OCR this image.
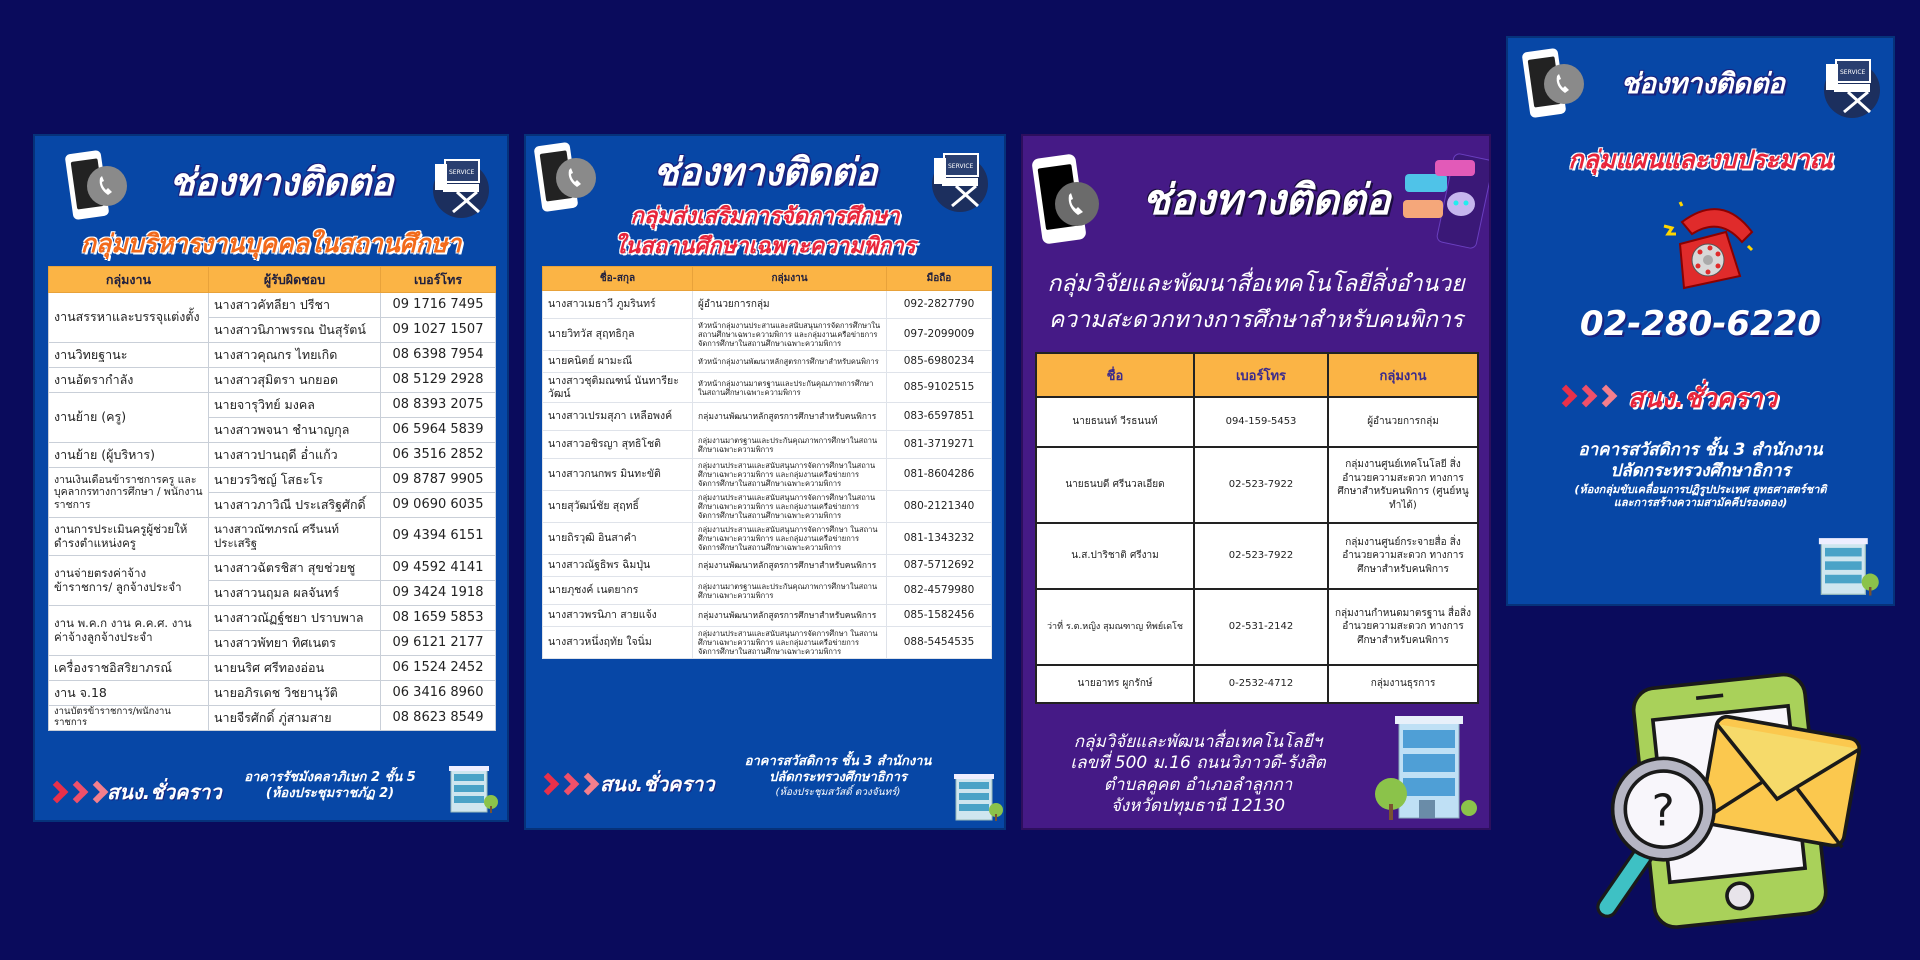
ช่องทางติดต่อ	SERVICE
กลุ่มบริหารงานบุคคลในสถานศึกษา
กลุ่มงาน	ผู้รับผิดชอบ	เบอร์โทร
งานสรรหาและบรรจุแต่งตั้ง	นางสาวคัทลียา ปรีชา	09 1716 7495
	นางสาวนิภาพรรณ ปันสุรัตน์	09 1027 1507
งานวิทยฐานะ	นางสาวคุณกร ไทยเกิด	08 6398 7954
งานอัตรากำลัง	นางสาวสุมิตรา นกยอด	08 5129 2928
งานย้าย (ครู)	นายจารุวิทย์ มงคล	08 8393 2075
	นางสาวพจนา ชำนาญกุล	06 5964 5839
งานย้าย (ผู้บริหาร)	นางสาวปานฤดี อ่ำแก้ว	06 3516 2852
งานเงินเดือนข้าราชการครู และบุคลากรทางการศึกษา / พนักงานราชการ	นายวรวิชญ์ โสธะโร	09 8787 9905
	นางสาวภาวิณี ประเสริฐศักดิ์	09 0690 6035
งานการประเมินครูผู้ช่วยให้ดำรงตำแหน่งครู	นางสาวณัฑภรณ์ ศรีนนท์ประเสริฐ	09 4394 6151
งานจ่ายตรงค่าจ้างข้าราชการ/ ลูกจ้างประจำ	นางสาวฉัตรชิสา สุขช่วยชู	09 4592 4141
	นางสาวนฤมล ผลจันทร์	09 3424 1918
งาน พ.ค.ก งาน ค.ค.ศ. งานค่าจ้างลูกจ้างประจำ	นางสาวณัฏฐ์ชยา ปราบพาล	08 1659 5853
	นางสาวพัทยา ทิศเนตร	09 6121 2177
เครื่องราชอิสริยาภรณ์	นายนริศ ศรีทองอ่อน	06 1524 2452
งาน จ.18	นายอภิรเดช วิชยานุวัติ	06 3416 8960
งานบัตรข้าราชการ/พนักงานราชการ	นายจีรศักดิ์ ภู่สามสาย	08 8623 8549
สนง.ชั่วคราว
อาคารรัชมังคลาภิเษก 2 ชั้น 5
(ห้องประชุมราชภัฏ 2)
ช่องทางติดต่อ	SERVICE
กลุ่มส่งเสริมการจัดการศึกษา
ในสถานศึกษาเฉพาะความพิการ
ชื่อ-สกุล	กลุ่มงาน	มือถือ
นางสาวเมธาวี ภูมรินทร์	ผู้อำนวยการกลุ่ม	092-2827790
นายวิทวัส สุฤทธิกุล	หัวหน้ากลุ่มงานประสานและสนับสนุนการจัดการศึกษาในสถานศึกษาเฉพาะความพิการ และกลุ่มงานเครือข่ายการจัดการศึกษาในสถานศึกษาเฉพาะความพิการ	097-2099009
นายคนิตย์ ผามะณี	หัวหน้ากลุ่มงานพัฒนาหลักสูตรการศึกษาสำหรับคนพิการ	085-6980234
นางสาวชุติมณฑน์ นันทารียะวัฒน์	หัวหน้ากลุ่มงานมาตรฐานและประกันคุณภาพการศึกษาในสถานศึกษาเฉพาะความพิการ	085-9102515
นางสาวเปรมสุภา เหลือพงค์	กลุ่มงานพัฒนาหลักสูตรการศึกษาสำหรับคนพิการ	083-6597851
นางสาวอชิรญา สุทธิโชติ	กลุ่มงานมาตรฐานและประกันคุณภาพการศึกษาในสถานศึกษาเฉพาะความพิการ	081-3719271
นางสาวกนกพร มินทะขัติ	กลุ่มงานประสานและสนับสนุนการจัดการศึกษาในสถานศึกษาเฉพาะความพิการ และกลุ่มงานเครือข่ายการจัดการศึกษาในสถานศึกษาเฉพาะความพิการ	081-8604286
นายสุวัฒน์ชัย สุฤทธิ์	กลุ่มงานประสานและสนับสนุนการจัดการศึกษาในสถานศึกษาเฉพาะความพิการ และกลุ่มงานเครือข่ายการจัดการศึกษาในสถานศึกษาเฉพาะความพิการ	080-2121340
นายถิรวุฒิ อินสาคำ	กลุ่มงานประสานและสนับสนุนการจัดการศึกษา ในสถานศึกษาเฉพาะความพิการ และกลุ่มงานเครือข่ายการจัดการศึกษาในสถานศึกษาเฉพาะความพิการ	081-1343232
นางสาวณัฐธิพร ฉิมปุ่น	กลุ่มงานพัฒนาหลักสูตรการศึกษาสำหรับคนพิการ	087-5712692
นายภุชงค์ เนตยากร	กลุ่มงานมาตรฐานและประกันคุณภาพการศึกษาในสถานศึกษาเฉพาะความพิการ	082-4579980
นางสาวพรนิภา สายแจ้ง	กลุ่มงานพัฒนาหลักสูตรการศึกษาสำหรับคนพิการ	085-1582456
นางสาวหนึ่งฤทัย ใจนิ่ม	กลุ่มงานประสานและสนับสนุนการจัดการศึกษา ในสถานศึกษาเฉพาะความพิการ และกลุ่มงานเครือข่ายการจัดการศึกษาในสถานศึกษาเฉพาะความพิการ	088-5454535
สนง.ชั่วคราว
อาคารสวัสดิการ ชั้น 3 สำนักงาน
ปลัดกระทรวงศึกษาธิการ
(ห้องประชุมสวัสดิ์ ดวงจันทร์)
ช่องทางติดต่อ
กลุ่มวิจัยและพัฒนาสื่อเทคโนโลยีสิ่งอำนวย
ความสะดวกทางการศึกษาสำหรับคนพิการ
ชื่อ	เบอร์โทร	กลุ่มงาน
นายธนนท์ วีรธนนท์	094-159-5453	ผู้อำนวยการกลุ่ม
นายธนบดี ศรีนวลเอียด	02-523-7922	กลุ่มงานศูนย์เทคโนโลยี สิ่งอำนวยความสะดวก ทางการศึกษาสำหรับคนพิการ (ศูนย์หนูทำได้)
น.ส.ปาริชาติ ศรีงาม	02-523-7922	กลุ่มงานศูนย์กระจายสื่อ สิ่งอำนวยความสะดวก ทางการศึกษาสำหรับคนพิการ
ว่าที่ ร.ต.หญิง สุมณฑาญ ทิพย์เดโช	02-531-2142	กลุ่มงานกำหนดมาตรฐาน สื่อสิ่งอำนวยความสะดวก ทางการศึกษาสำหรับคนพิการ
นายอาทร ผูกรักษ์	0-2532-4712	กลุ่มงานธุรการ
กลุ่มวิจัยและพัฒนาสื่อเทคโนโลยีฯ
เลขที่ 500 ม.16 ถนนวิภาวดี-รังสิต
ตำบลคูคต อำเภอลำลูกกา
จังหวัดปทุมธานี 12130
ช่องทางติดต่อ	SERVICE
กลุ่มแผนและงบประมาณ
02-280-6220
สนง.ชั่วคราว
อาคารสวัสดิการ ชั้น 3 สำนักงาน
ปลัดกระทรวงศึกษาธิการ
(ห้องกลุ่มขับเคลื่อนการปฏิรูปประเทศ ยุทธศาสตร์ชาติ
และการสร้างความสามัคคีปรองดอง)
?
